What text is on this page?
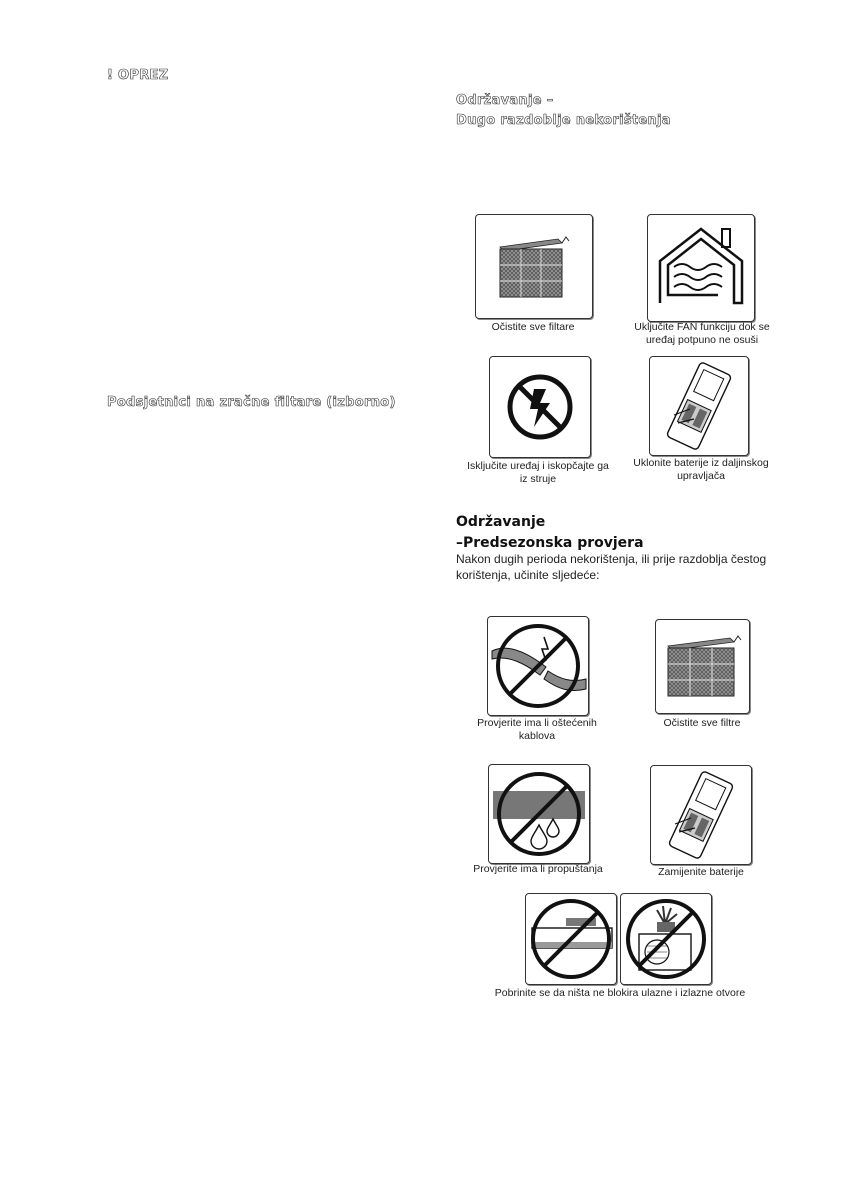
! OPREZ
Podsjetnici na zračne filtare (izborno)
Održavanje –
Dugo razdoblje nekorištenja
Očistite sve filtare	Uključite FAN funkciju dok se uređaj potpuno ne osuši
Isključite uređaj i iskopčajte ga iz struje
Uklonite baterije iz daljinskog upravljača
Održavanje
–Predsezonska provjera
Nakon dugih perioda nekorištenja, ili prije razdoblja čestog korištenja, učinite sljedeće:
Provjerite ima li oštećenih kablova
Očistite sve filtre
Provjerite ima li propuštanja	Zamijenite baterije
Pobrinite se da ništa ne blokira ulazne i izlazne otvore
